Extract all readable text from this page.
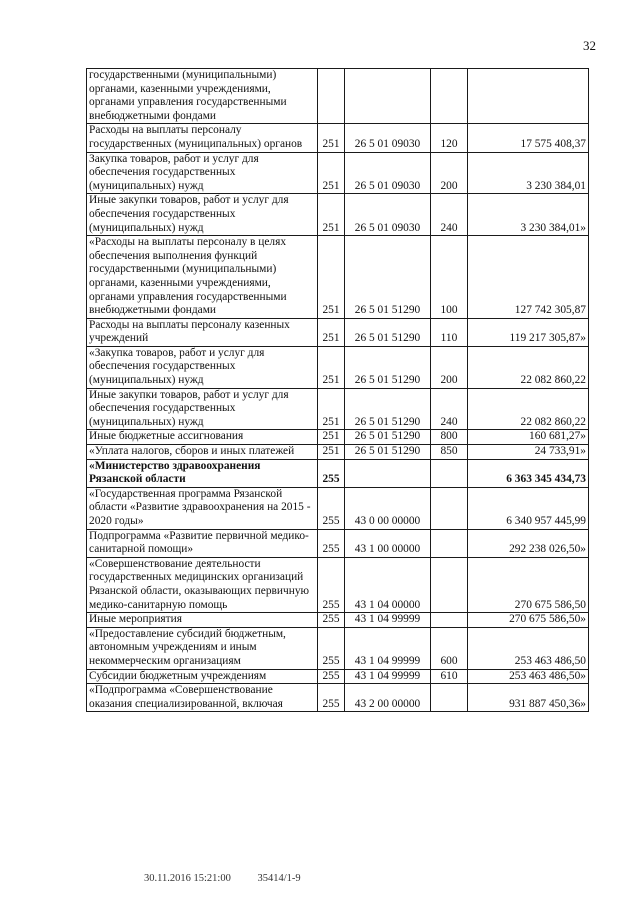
32
государственными (муниципальными) органами, казенными учреждениями, органами управления государственными внебюджетными фондами				
Расходы на выплаты персоналу государственных (муниципальных) органов	251	26 5 01 09030	120	17 575 408,37
Закупка товаров, работ и услуг для обеспечения государственных (муниципальных) нужд	251	26 5 01 09030	200	3 230 384,01
Иные закупки товаров, работ и услуг для обеспечения государственных (муниципальных) нужд	251	26 5 01 09030	240	3 230 384,01»
«Расходы на выплаты персоналу в целях обеспечения выполнения функций государственными (муниципальными) органами, казенными учреждениями, органами управления государственными внебюджетными фондами	251	26 5 01 51290	100	127 742 305,87
Расходы на выплаты персоналу казенных учреждений	251	26 5 01 51290	110	119 217 305,87»
«Закупка товаров, работ и услуг для обеспечения государственных (муниципальных) нужд	251	26 5 01 51290	200	22 082 860,22
Иные закупки товаров, работ и услуг для обеспечения государственных (муниципальных) нужд	251	26 5 01 51290	240	22 082 860,22
Иные бюджетные ассигнования	251	26 5 01 51290	800	160 681,27»
«Уплата налогов, сборов и иных платежей	251	26 5 01 51290	850	24 733,91»
«Министерство здравоохранения Рязанской области	255			6 363 345 434,73
«Государственная программа Рязанской области «Развитие здравоохранения на 2015 - 2020 годы»	255	43 0 00 00000		6 340 957 445,99
Подпрограмма «Развитие первичной медико-санитарной помощи»	255	43 1 00 00000		292 238 026,50»
«Совершенствование деятельности государственных медицинских организаций Рязанской области, оказывающих первичную медико-санитарную помощь	255	43 1 04 00000		270 675 586,50
Иные мероприятия	255	43 1 04 99999		270 675 586,50»
«Предоставление субсидий бюджетным, автономным учреждениям и иным некоммерческим организациям	255	43 1 04 99999	600	253 463 486,50
Субсидии бюджетным учреждениям	255	43 1 04 99999	610	253 463 486,50»
«Подпрограмма «Совершенствование оказания специализированной, включая	255	43 2 00 00000		931 887 450,36»
30.11.2016 15:21:00	35414/1-9
